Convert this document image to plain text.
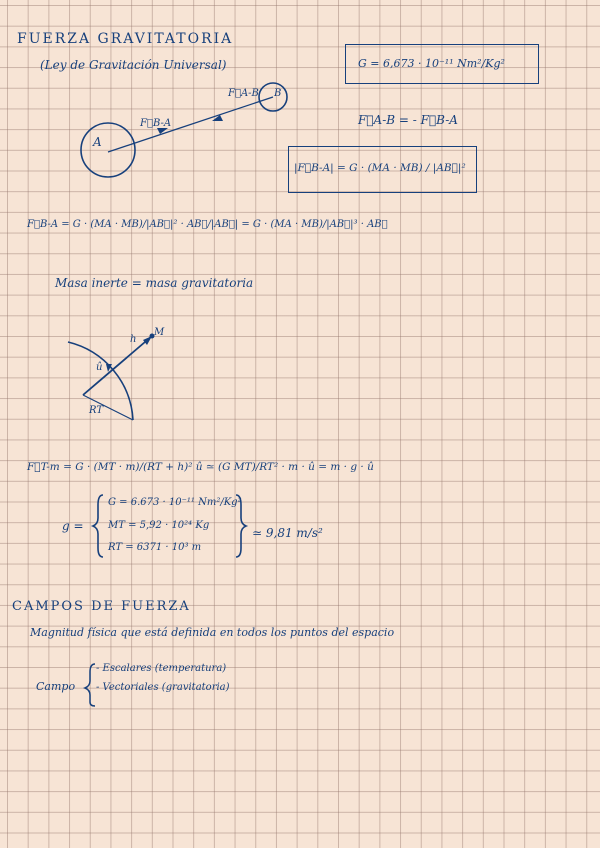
FUERZA GRAVITATORIA
(Ley de Gravitación Universal)	G = 6,673 · 10⁻¹¹ Nm²/Kg²
A
B
F⃗A-B
F⃗B-A	F⃗A-B = - F⃗B-A
|F⃗B-A| = G · (MA · MB) / |AB⃗|²
F⃗B-A = G · (MA · MB)/|AB⃗|² · AB⃗/|AB⃗| = G · (MA · MB)/|AB⃗|³ · AB⃗
Masa inerte = masa gravitatoria
M
h
û
RT
F⃗T-m = G · (MT · m)/(RT + h)² û ≃ (G MT)/RT² · m · û = m · g · û
g =
G = 6.673 · 10⁻¹¹ Nm²/Kg²
MT = 5,92 · 10²⁴ Kg
RT = 6371 · 10³ m
≃ 9,81 m/s²
CAMPOS DE FUERZA
Magnitud física que está definida en todos los puntos del espacio
Campo
- Escalares (temperatura)
- Vectoriales (gravitatoria)
